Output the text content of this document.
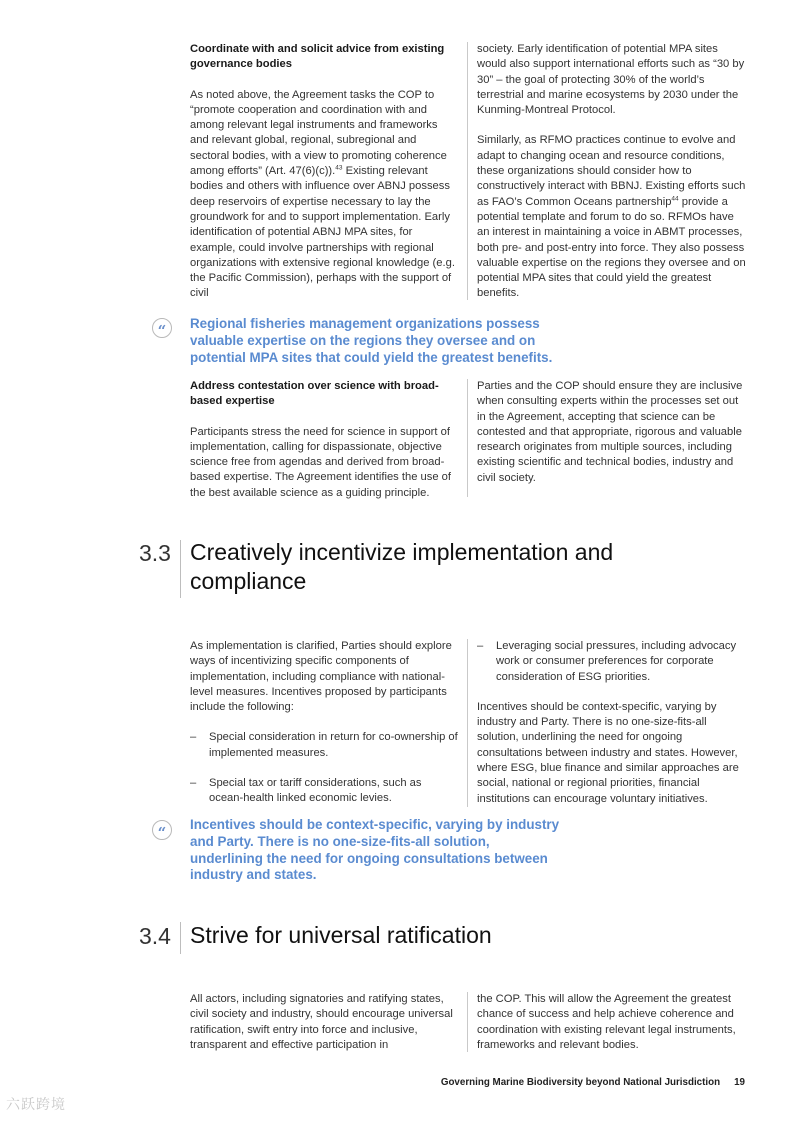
Coordinate with and solicit advice from existing governance bodies
As noted above, the Agreement tasks the COP to “promote cooperation and coordination with and among relevant legal instruments and frameworks and relevant global, regional, subregional and sectoral bodies, with a view to promoting coherence among efforts” (Art. 47(6)(c)).$^{43}$ Existing relevant bodies and others with influence over ABNJ possess deep reservoirs of expertise necessary to lay the groundwork for and to support implementation. Early identification of potential ABNJ MPA sites, for example, could involve partnerships with regional organizations with extensive regional knowledge (e.g. the Pacific Commission), perhaps with the support of civil
society. Early identification of potential MPA sites would also support international efforts such as “30 by 30” – the goal of protecting 30% of the world’s terrestrial and marine ecosystems by 2030 under the Kunming-Montreal Protocol.
Similarly, as RFMO practices continue to evolve and adapt to changing ocean and resource conditions, these organizations should consider how to constructively interact with BBNJ. Existing efforts such as FAO’s Common Oceans partnership$^{44}$ provide a potential template and forum to do so. RFMOs have an interest in maintaining a voice in ABMT processes, both pre- and post-entry into force. They also possess valuable expertise on the regions they oversee and on potential MPA sites that could yield the greatest benefits.
“	Regional fisheries management organizations possess valuable expertise on the regions they oversee and on potential MPA sites that could yield the greatest benefits.
Address contestation over science with broad-based expertise
Participants stress the need for science in support of implementation, calling for dispassionate, objective science free from agendas and derived from broad-based expertise. The Agreement identifies the use of the best available science as a guiding principle.
Parties and the COP should ensure they are inclusive when consulting experts within the processes set out in the Agreement, accepting that science can be contested and that appropriate, rigorous and valuable research originates from multiple sources, including existing scientific and technical bodies, industry and civil society.
3.3 Creatively incentivize implementation and compliance
As implementation is clarified, Parties should explore ways of incentivizing specific components of implementation, including compliance with national-level measures. Incentives proposed by participants include the following:
–	Special consideration in return for co-ownership of implemented measures.
–	Special tax or tariff considerations, such as ocean-health linked economic levies.
–	Leveraging social pressures, including advocacy work or consumer preferences for corporate consideration of ESG priorities.
Incentives should be context-specific, varying by industry and Party. There is no one-size-fits-all solution, underlining the need for ongoing consultations between industry and states. However, where ESG, blue finance and similar approaches are social, national or regional priorities, financial institutions can encourage voluntary initiatives.
“	Incentives should be context-specific, varying by industry and Party. There is no one-size-fits-all solution, underlining the need for ongoing consultations between industry and states.
3.4 Strive for universal ratification
All actors, including signatories and ratifying states, civil society and industry, should encourage universal ratification, swift entry into force and inclusive, transparent and effective participation in
the COP. This will allow the Agreement the greatest chance of success and help achieve coherence and coordination with existing relevant legal instruments, frameworks and relevant bodies.
Governing Marine Biodiversity beyond National Jurisdiction 19
六跃跨境
